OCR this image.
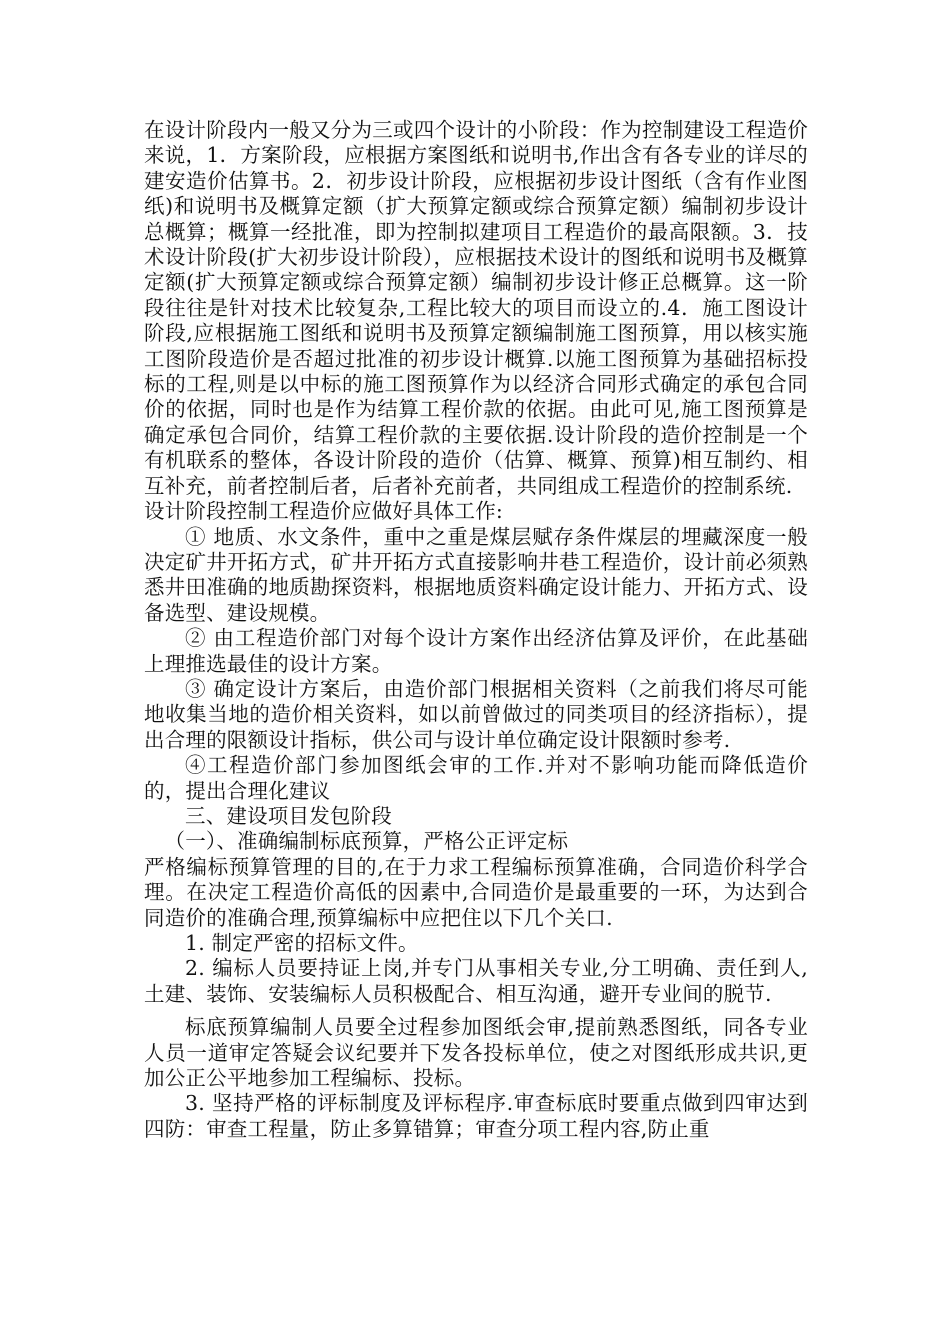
在设计阶段内一般又分为三或四个设计的小阶段：作为控制建设工程造价来说，1．方案阶段，应根据方案图纸和说明书,作出含有各专业的详尽的建安造价估算书。2．初步设计阶段，应根据初步设计图纸（含有作业图纸)和说明书及概算定额（扩大预算定额或综合预算定额）编制初步设计总概算；概算一经批准，即为控制拟建项目工程造价的最高限额。3．技术设计阶段(扩大初步设计阶段），应根据技术设计的图纸和说明书及概算定额(扩大预算定额或综合预算定额）编制初步设计修正总概算。这一阶段往往是针对技术比较复杂,工程比较大的项目而设立的.4．施工图设计阶段,应根据施工图纸和说明书及预算定额编制施工图预算，用以核实施工图阶段造价是否超过批准的初步设计概算.以施工图预算为基础招标投标的工程,则是以中标的施工图预算作为以经济合同形式确定的承包合同价的依据，同时也是作为结算工程价款的依据。由此可见,施工图预算是确定承包合同价，结算工程价款的主要依据.设计阶段的造价控制是一个有机联系的整体，各设计阶段的造价（估算、概算、预算)相互制约、相互补充，前者控制后者，后者补充前者，共同组成工程造价的控制系统.

设计阶段控制工程造价应做好具体工作:

① 地质、水文条件，重中之重是煤层赋存条件煤层的埋藏深度一般决定矿井开拓方式，矿井开拓方式直接影响井巷工程造价，设计前必须熟悉井田准确的地质勘探资料，根据地质资料确定设计能力、开拓方式、设备选型、建设规模。

② 由工程造价部门对每个设计方案作出经济估算及评价，在此基础上理推选最佳的设计方案。

③ 确定设计方案后，由造价部门根据相关资料（之前我们将尽可能地收集当地的造价相关资料，如以前曾做过的同类项目的经济指标），提出合理的限额设计指标，供公司与设计单位确定设计限额时参考.

④工程造价部门参加图纸会审的工作.并对不影响功能而降低造价的，提出合理化建议

三、建设项目发包阶段

（一）、准确编制标底预算，严格公正评定标

严格编标预算管理的目的,在于力求工程编标预算准确，合同造价科学合理。在决定工程造价高低的因素中,合同造价是最重要的一环，为达到合同造价的准确合理,预算编标中应把住以下几个关口.

1. 制定严密的招标文件。

2. 编标人员要持证上岗,并专门从事相关专业,分工明确、责任到人,土建、装饰、安装编标人员积极配合、相互沟通，避开专业间的脱节.

标底预算编制人员要全过程参加图纸会审,提前熟悉图纸，同各专业人员一道审定答疑会议纪要并下发各投标单位，使之对图纸形成共识,更加公正公平地参加工程编标、投标。

3. 坚持严格的评标制度及评标程序.审查标底时要重点做到四审达到四防：审查工程量，防止多算错算；审查分项工程内容,防止重
